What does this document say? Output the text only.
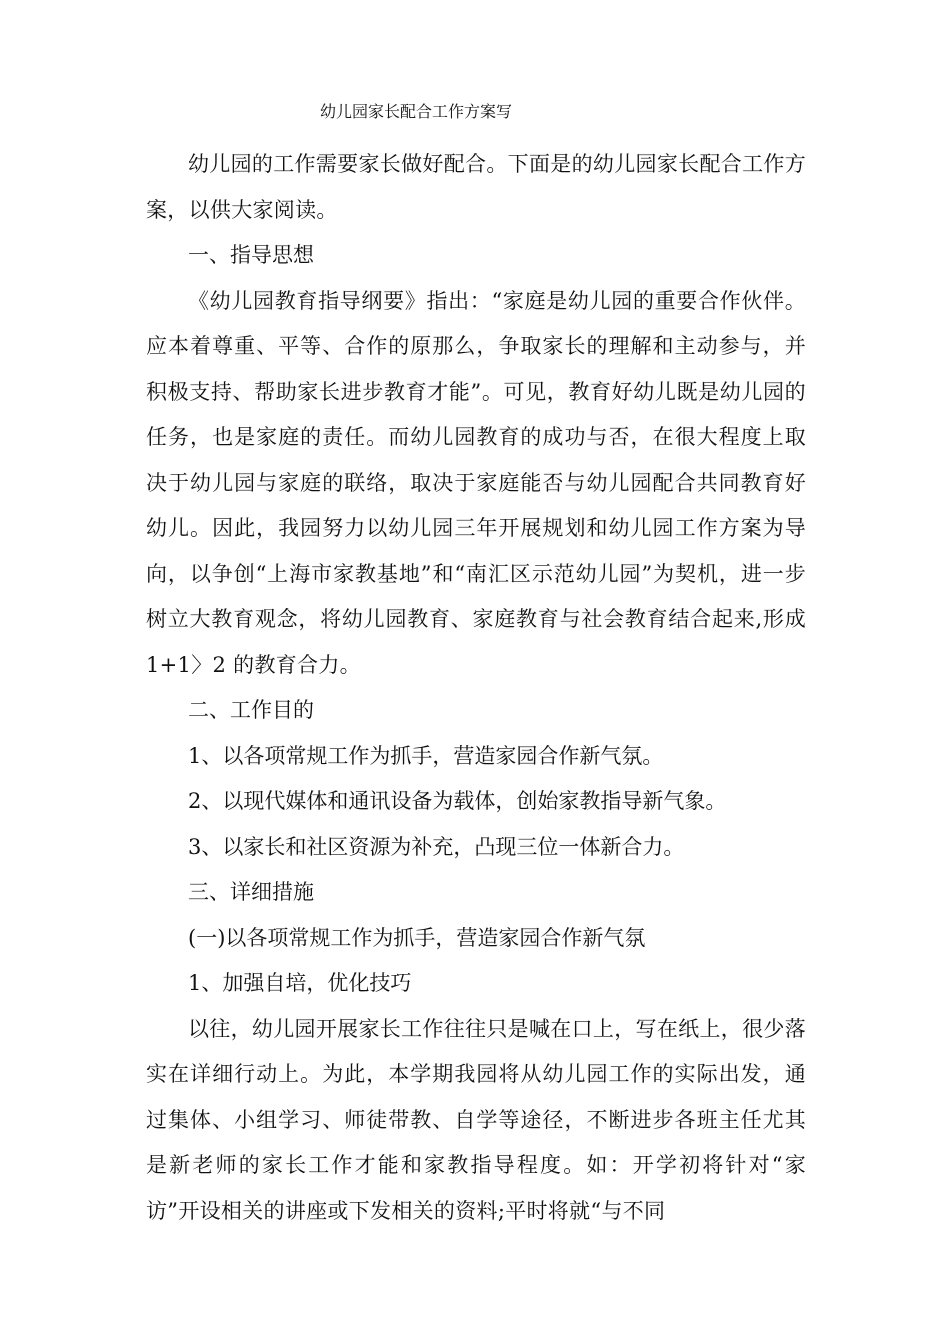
幼儿园家长配合工作方案写

幼儿园的工作需要家长做好配合。下面是的幼儿园家长配合工作方案，以供大家阅读。

一、指导思想

《幼儿园教育指导纲要》指出：“家庭是幼儿园的重要合作伙伴。应本着尊重、平等、合作的原那么，争取家长的理解和主动参与，并积极支持、帮助家长进步教育才能”。可见，教育好幼儿既是幼儿园的任务，也是家庭的责任。而幼儿园教育的成功与否，在很大程度上取决于幼儿园与家庭的联络，取决于家庭能否与幼儿园配合共同教育好幼儿。因此，我园努力以幼儿园三年开展规划和幼儿园工作方案为导向，以争创“上海市家教基地”和“南汇区示范幼儿园”为契机，进一步树立大教育观念，将幼儿园教育、家庭教育与社会教育结合起来,形成 1+1〉2 的教育合力。

二、工作目的

1、以各项常规工作为抓手，营造家园合作新气氛。

2、以现代媒体和通讯设备为载体，创始家教指导新气象。

3、以家长和社区资源为补充，凸现三位一体新合力。

三、详细措施

(一)以各项常规工作为抓手，营造家园合作新气氛

1、加强自培，优化技巧

以往，幼儿园开展家长工作往往只是喊在口上，写在纸上，很少落实在详细行动上。为此，本学期我园将从幼儿园工作的实际出发，通过集体、小组学习、师徒带教、自学等途径，不断进步各班主任尤其是新老师的家长工作才能和家教指导程度。如：开学初将针对“家访”开设相关的讲座或下发相关的资料;平时将就“与不同
